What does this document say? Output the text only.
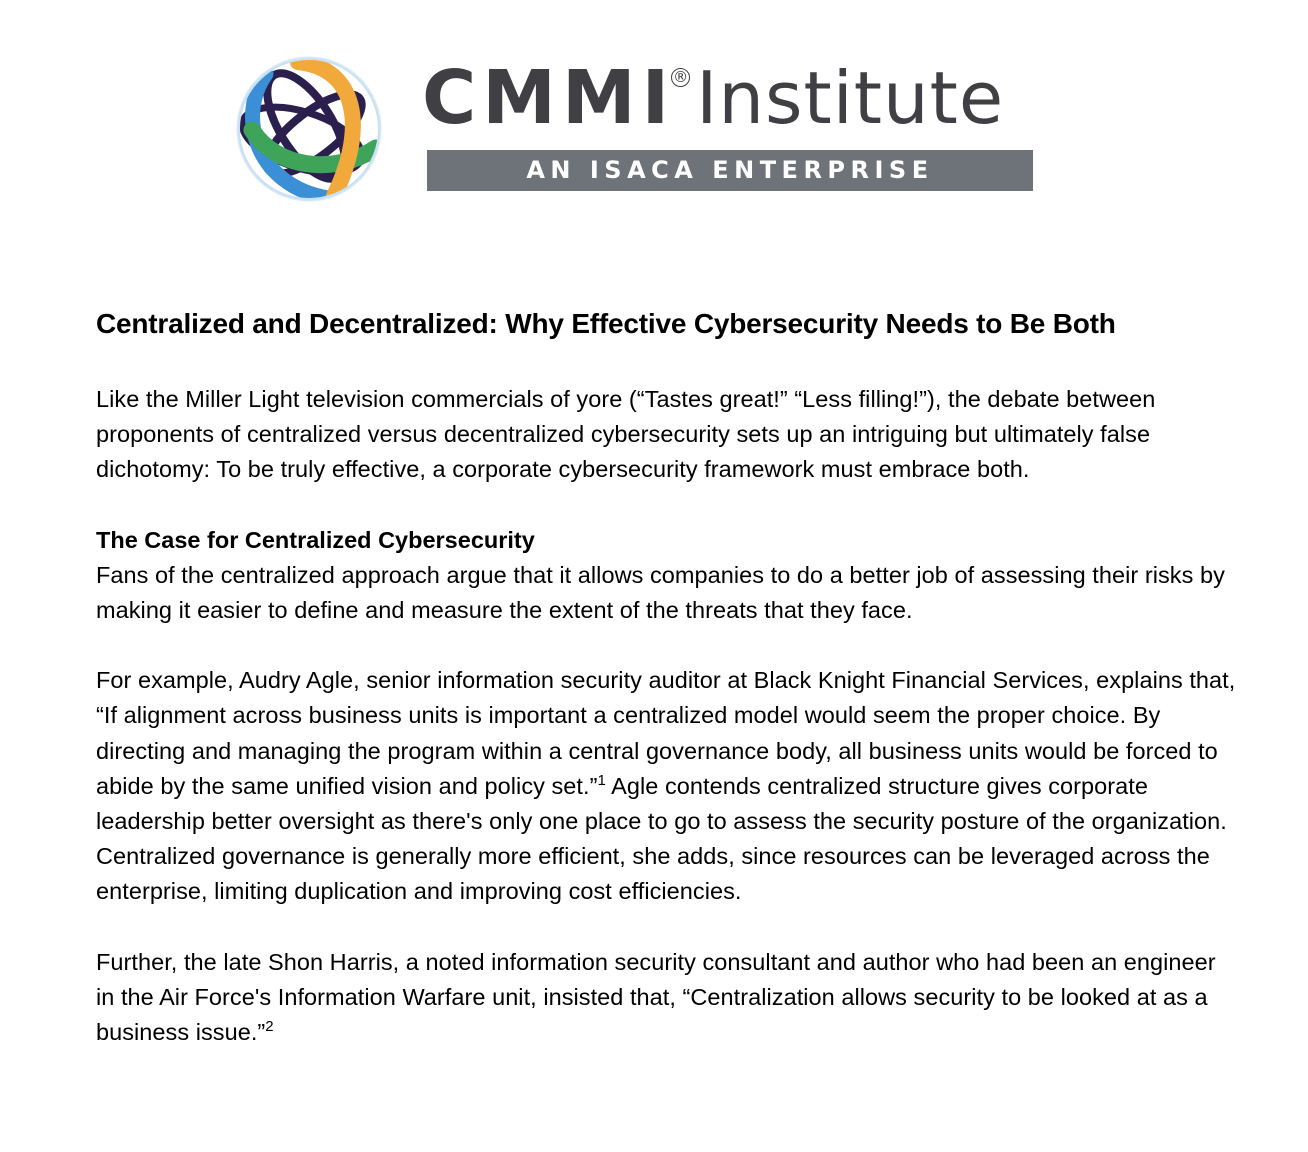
CMMI® Institute
AN ISACA ENTERPRISE
Centralized and Decentralized: Why Effective Cybersecurity Needs to Be Both

Like the Miller Light television commercials of yore (“Tastes great!” “Less filling!”), the debate between proponents of centralized versus decentralized cybersecurity sets up an intriguing but ultimately false dichotomy: To be truly effective, a corporate cybersecurity framework must embrace both.

The Case for Centralized Cybersecurity

Fans of the centralized approach argue that it allows companies to do a better job of assessing their risks by making it easier to define and measure the extent of the threats that they face.

For example, Audry Agle, senior information security auditor at Black Knight Financial Services, explains that, “If alignment across business units is important a centralized model would seem the proper choice. By directing and managing the program within a central governance body, all business units would be forced to abide by the same unified vision and policy set.”$^1$ Agle contends centralized structure gives corporate leadership better oversight as there's only one place to go to assess the security posture of the organization. Centralized governance is generally more efficient, she adds, since resources can be leveraged across the enterprise, limiting duplication and improving cost efficiencies.

Further, the late Shon Harris, a noted information security consultant and author who had been an engineer in the Air Force's Information Warfare unit, insisted that, “Centralization allows security to be looked at as a business issue.”$^2$
